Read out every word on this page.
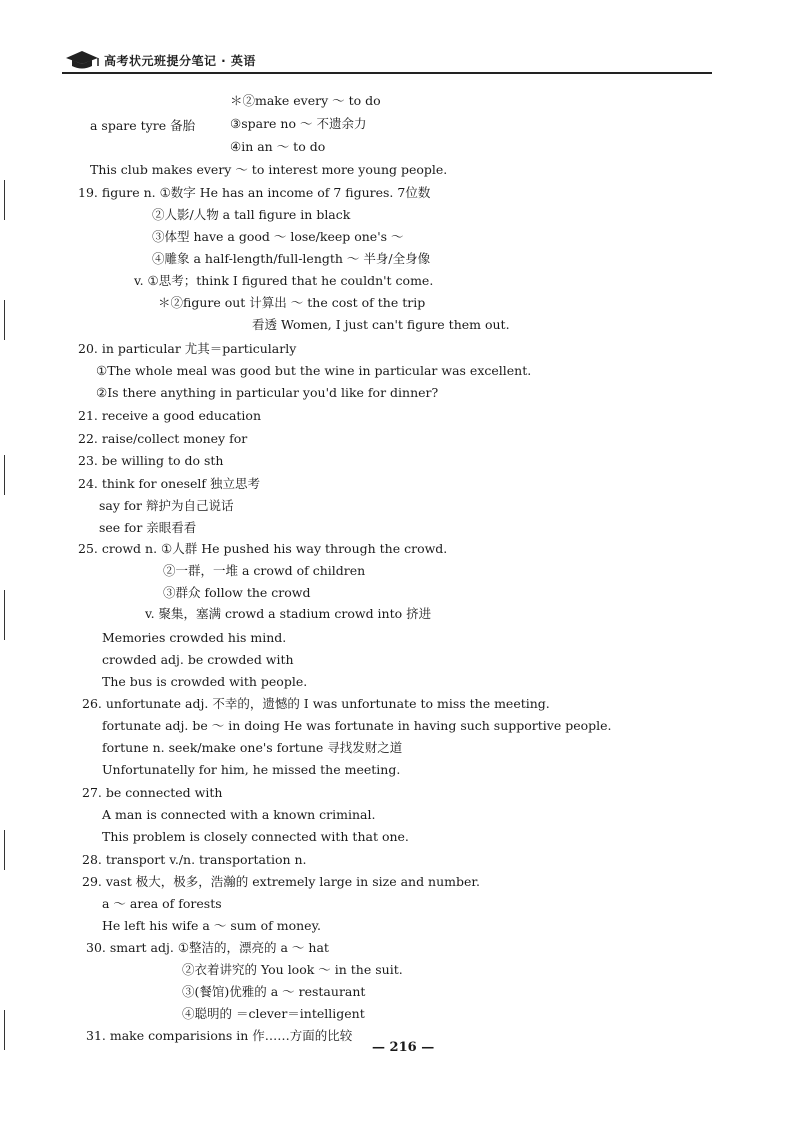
高考状元班提分笔记 · 英语
＊②make every ～ to do
a spare tyre 备胎	③spare no ～ 不遗余力
④in an ～ to do
This club makes every ～ to interest more young people.
19. figure n. ①数字 He has an income of 7 figures. 7位数
②人影/人物 a tall figure in black
③体型 have a good ～ lose/keep one's ～
④雕象 a half-length/full-length ～ 半身/全身像
v. ①思考；think I figured that he couldn't come.
＊②figure out 计算出 ～ the cost of the trip
看透 Women, I just can't figure them out.
20. in particular 尤其＝particularly
①The whole meal was good but the wine in particular was excellent.
②Is there anything in particular you'd like for dinner?
21. receive a good education
22. raise/collect money for
23. be willing to do sth
24. think for oneself 独立思考
say for 辩护为自己说话
see for 亲眼看看
25. crowd n. ①人群 He pushed his way through the crowd.
②一群，一堆 a crowd of children
③群众 follow the crowd
v. 聚集，塞满 crowd a stadium crowd into 挤进
Memories crowded his mind.
crowded adj. be crowded with
The bus is crowded with people.
26. unfortunate adj. 不幸的，遗憾的 I was unfortunate to miss the meeting.
fortunate adj. be ～ in doing He was fortunate in having such supportive people.
fortune n. seek/make one's fortune 寻找发财之道
Unfortunatelly for him, he missed the meeting.
27. be connected with
A man is connected with a known criminal.
This problem is closely connected with that one.
28. transport v./n. transportation n.
29. vast 极大，极多，浩瀚的 extremely large in size and number.
a ～ area of forests
He left his wife a ～ sum of money.
30. smart adj. ①整洁的，漂亮的 a ～ hat
②衣着讲究的 You look ～ in the suit.
③(餐馆)优雅的 a ～ restaurant
④聪明的 ＝clever＝intelligent
31. make comparisions in 作……方面的比较
— 216 —
